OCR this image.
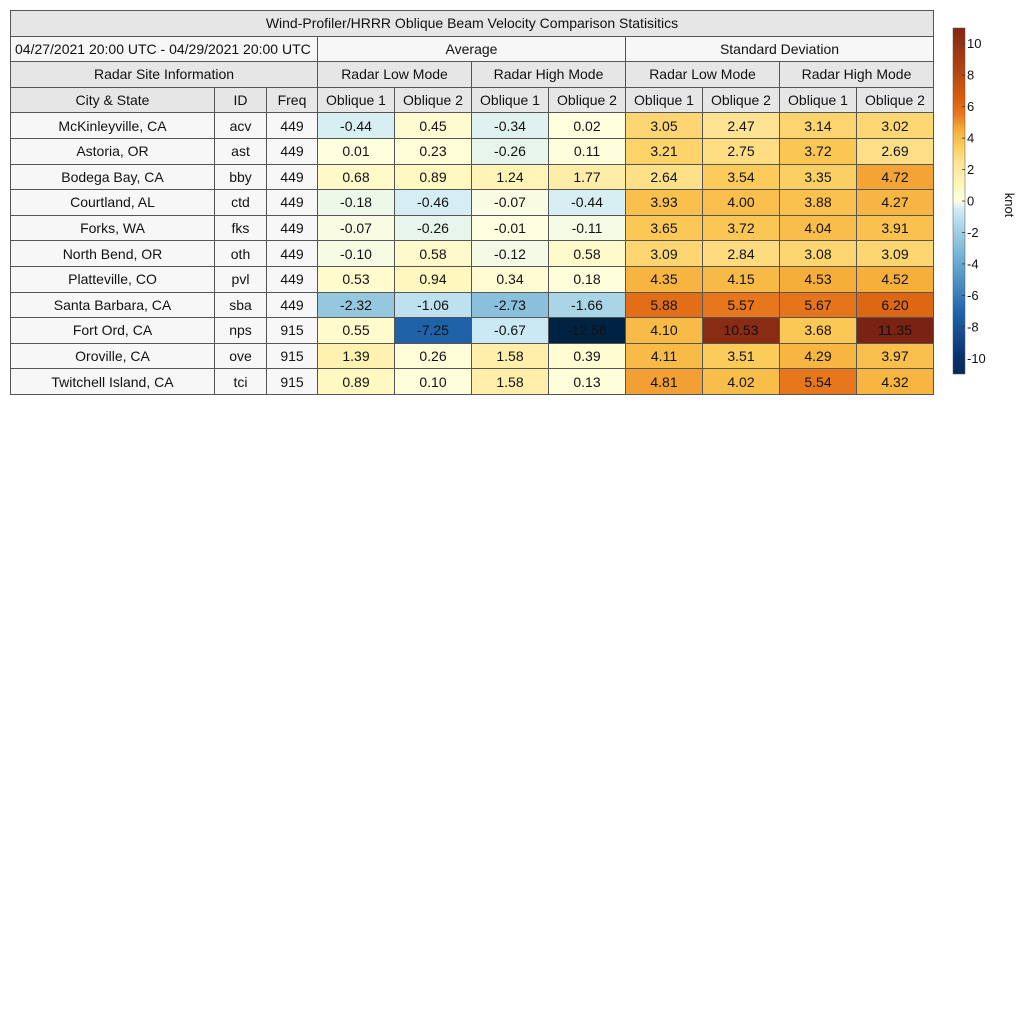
Wind-Profiler/HRRR Oblique Beam Velocity Comparison Statisitics										
04/27/2021 20:00 UTC - 04/29/2021 20:00 UTC			Average				Standard Deviation			
Radar Site Information			Radar Low Mode		Radar High Mode		Radar Low Mode		Radar High Mode	
City & State	ID	Freq	Oblique 1	Oblique 2	Oblique 1	Oblique 2	Oblique 1	Oblique 2	Oblique 1	Oblique 2
McKinleyville, CA	acv	449	-0.44	0.45	-0.34	0.02	3.05	2.47	3.14	3.02
Astoria, OR	ast	449	0.01	0.23	-0.26	0.11	3.21	2.75	3.72	2.69
Bodega Bay, CA	bby	449	0.68	0.89	1.24	1.77	2.64	3.54	3.35	4.72
Courtland, AL	ctd	449	-0.18	-0.46	-0.07	-0.44	3.93	4.00	3.88	4.27
Forks, WA	fks	449	-0.07	-0.26	-0.01	-0.11	3.65	3.72	4.04	3.91
North Bend, OR	oth	449	-0.10	0.58	-0.12	0.58	3.09	2.84	3.08	3.09
Platteville, CO	pvl	449	0.53	0.94	0.34	0.18	4.35	4.15	4.53	4.52
Santa Barbara, CA	sba	449	-2.32	-1.06	-2.73	-1.66	5.88	5.57	5.67	6.20
Fort Ord, CA	nps	915	0.55	-7.25	-0.67	-12.56	4.10	10.53	3.68	11.35
Oroville, CA	ove	915	1.39	0.26	1.58	0.39	4.11	3.51	4.29	3.97
Twitchell Island, CA	tci	915	0.89	0.10	1.58	0.13	4.81	4.02	5.54	4.32
10
8
6
4
2
0
-2
-4
-6
-8
-10
knot
